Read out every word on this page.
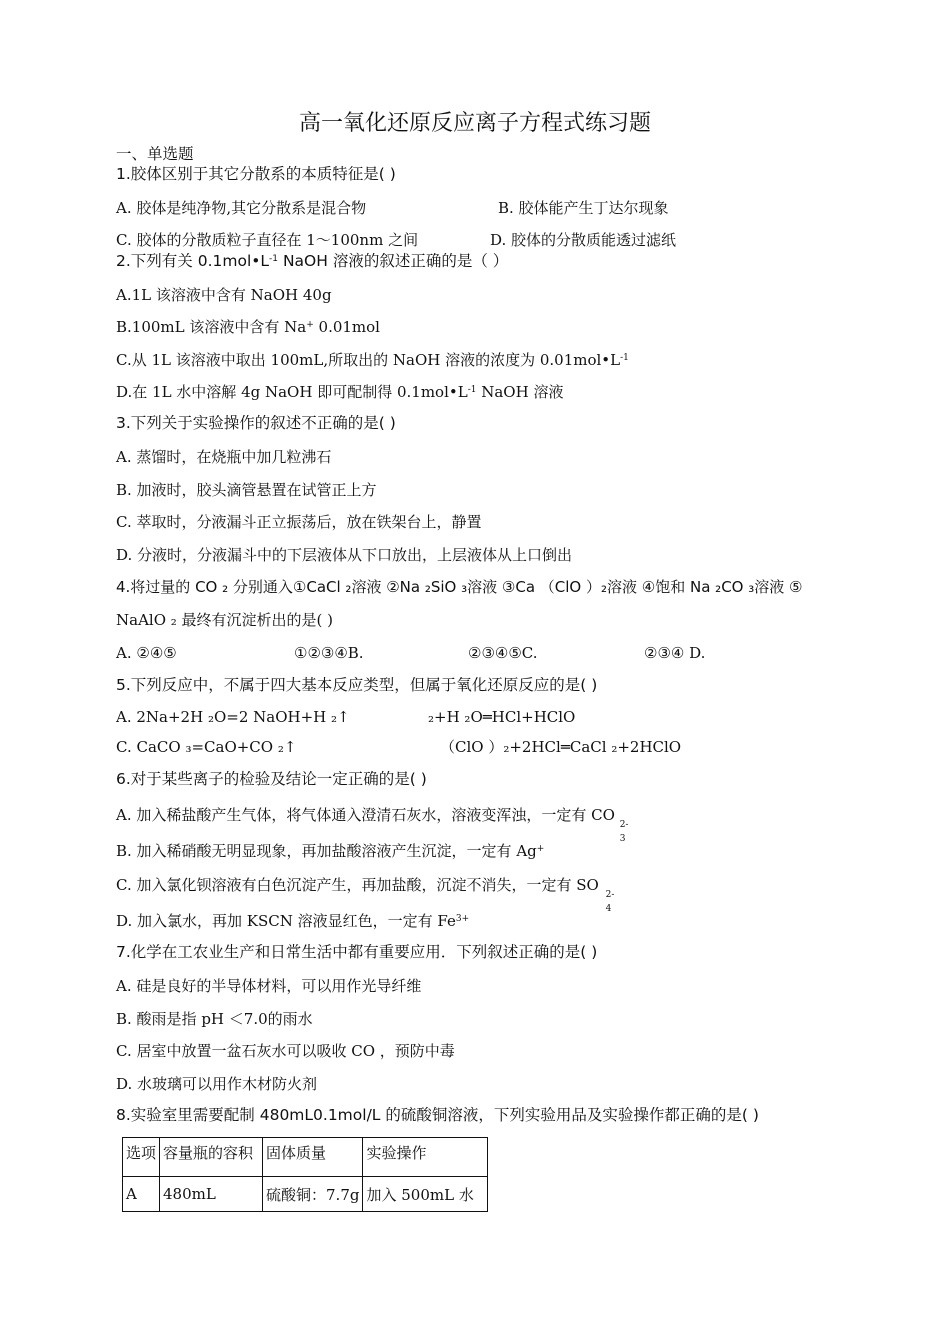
高一氧化还原反应离子方程式练习题
一、单选题
1.胶体区别于其它分散系的本质特征是( )
A. 胶体是纯净物,其它分散系是混合物	B. 胶体能产生丁达尔现象
C. 胶体的分散质粒子直径在 1～100nm 之间	D. 胶体的分散质能透过滤纸
2.下列有关 $0.1mol•L^{-1}$ NaOH 溶液的叙述正确的是（ ）
A.1L 该溶液中含有 NaOH 40g
B.100mL 该溶液中含有 Na+ 0.01mol
C.从 1L 该溶液中取出 100mL,所取出的 NaOH 溶液的浓度为 $0.01mol•L^{-1}$
D.在 1L 水中溶解 4g NaOH 即可配制得 $0.1mol•L^{-1}$ NaOH 溶液
3.下列关于实验操作的叙述不正确的是( )
A. 蒸馏时，在烧瓶中加几粒沸石
B. 加液时，胶头滴管悬置在试管正上方
C. 萃取时，分液漏斗正立振荡后，放在铁架台上，静置
D. 分液时，分液漏斗中的下层液体从下口放出，上层液体从上口倒出
4.将过量的 CO ₂ 分别通入①CaCl ₂溶液 ②Na ₂SiO ₃溶液 ③Ca （ClO ）₂溶液 ④饱和 Na ₂CO ₃溶液 ⑤
NaAlO ₂ 最终有沉淀析出的是( )
A. ②④⑤	①②③④B.	②③④⑤C.	②③④ D.
5.下列反应中，不属于四大基本反应类型，但属于氧化还原反应的是( )
A. 2Na+2H ₂O=2 NaOH+H ₂↑	₂+H ₂O═HCl+HClO
C. CaCO ₃=CaO+CO ₂↑	（ClO ）₂+2HCl═CaCl ₂+2HClO
6.对于某些离子的检验及结论一定正确的是( )
A. 加入稀盐酸产生气体，将气体通入澄清石灰水，溶液变浑浊，一定有 CO
2-
3
B. 加入稀硝酸无明显现象，再加盐酸溶液产生沉淀，一定有 Ag+
C. 加入氯化钡溶液有白色沉淀产生，再加盐酸，沉淀不消失，一定有 SO
2-
4
D. 加入氯水，再加 KSCN 溶液显红色，一定有 $Fe^{3+}$
7.化学在工农业生产和日常生活中都有重要应用．下列叙述正确的是( )
A. 硅是良好的半导体材料，可以用作光导纤维
B. 酸雨是指 pH ＜7.0的雨水
C. 居室中放置一盆石灰水可以吸收 CO ，预防中毒
D. 水玻璃可以用作木材防火剂
8.实验室里需要配制 480mL0.1mol/L 的硫酸铜溶液，下列实验用品及实验操作都正确的是( )
选项	容量瓶的容积	固体质量	实验操作
A	480mL	硫酸铜：7.7g	加入 500mL 水
